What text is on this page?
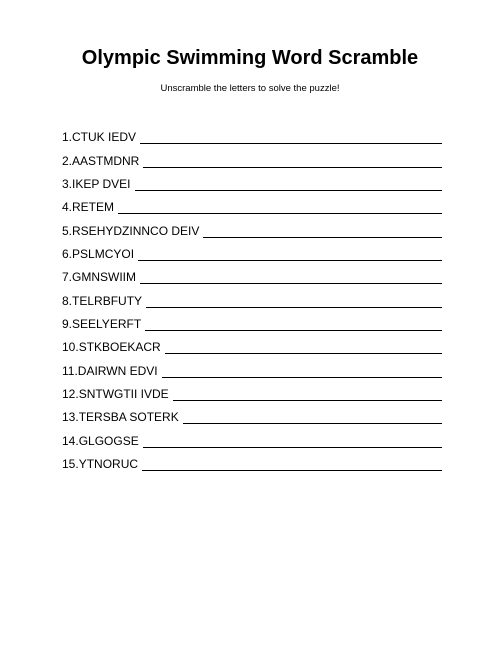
Olympic Swimming Word Scramble
Unscramble the letters to solve the puzzle!
1. CTUK IEDV
2. AASTMDNR
3. IKEP DVEI
4. RETEM
5. RSEHYDZINNCO DEIV
6. PSLMCYOI
7. GMNSWIIM
8. TELRBFUTY
9. SEELYERFT
10. STKBOEKACR
11. DAIRWN EDVI
12. SNTWGTII IVDE
13. TERSBA SOTERK
14. GLGOGSE
15. YTNORUC
